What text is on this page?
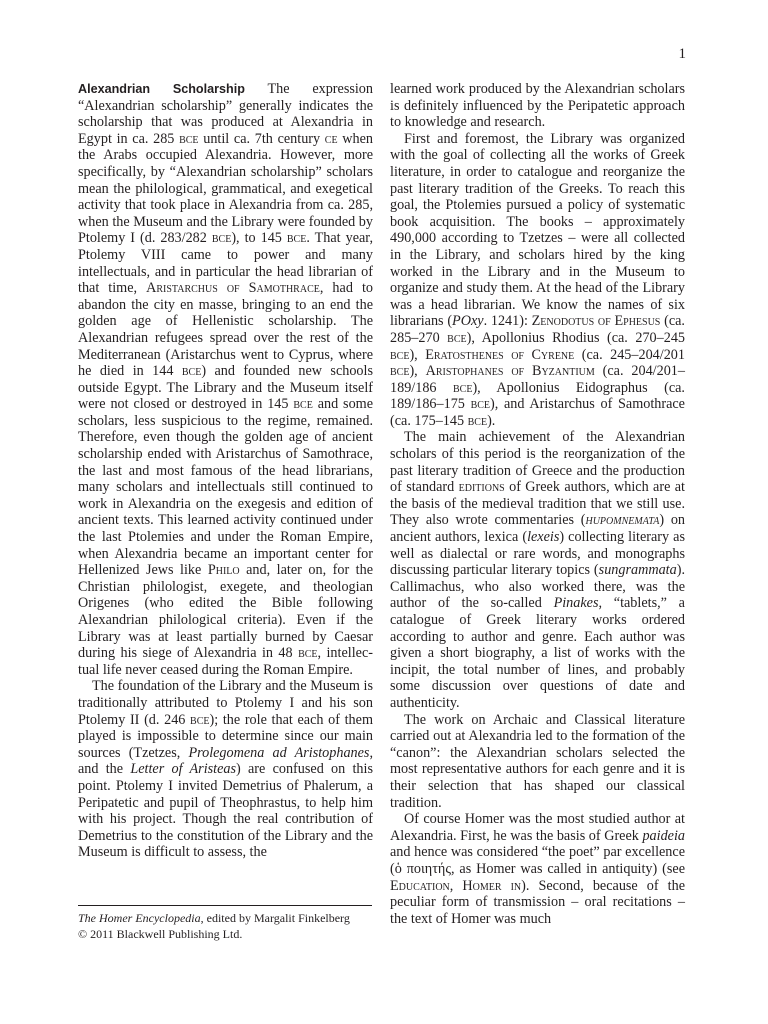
1

Alexandrian Scholarship The expression “Alexandrian scholarship” generally indicates the scholarship that was produced at Alexandria in Egypt in ca. 285 bce until ca. 7th century ce when the Arabs occupied Alexandria. However, more specifically, by “Alexandrian scholarship” scholars mean the philological, grammatical, and exegetical activity that took place in Alexandria from ca. 285, when the Museum and the Library were founded by Ptolemy I (d. 283/282 bce), to 145 bce. That year, Ptolemy VIII came to power and many intellectuals, and in particular the head librarian of that time, Aristarchus of Samothrace, had to abandon the city en masse, bringing to an end the golden age of Hellenistic scholarship. The Alexandrian refugees spread over the rest of the Mediterranean (Aristarchus went to Cyprus, where he died in 144 bce) and founded new schools outside Egypt. The Library and the Museum itself were not closed or destroyed in 145 bce and some scholars, less suspicious to the regime, remained. Therefore, even though the golden age of ancient scholarship ended with Aristarchus of Samothrace, the last and most famous of the head librarians, many scholars and intellectuals still continued to work in Alexandria on the exegesis and edition of ancient texts. This learned activity continued under the last Ptolemies and under the Roman Empire, when Alexandria became an important center for Hellenized Jews like Philo and, later on, for the Christian philologist, exegete, and theologian Origenes (who edited the Bible following Alexandrian philological criteria). Even if the Library was at least partially burned by Caesar during his siege of Alexandria in 48 bce, intellectual life never ceased during the Roman Empire.

The foundation of the Library and the Museum is traditionally attributed to Ptolemy I and his son Ptolemy II (d. 246 bce); the role that each of them played is impossible to determine since our main sources (Tzetzes, Prolegomena ad Aristophanes, and the Letter of Aristeas) are confused on this point. Ptolemy I invited Demetrius of Phalerum, a Peripatetic and pupil of Theophrastus, to help him with his project. Though the real contribution of Demetrius to the constitution of the Library and the Museum is difficult to assess, the

learned work produced by the Alexandrian scholars is definitely influenced by the Peripatetic approach to knowledge and research.

First and foremost, the Library was organized with the goal of collecting all the works of Greek literature, in order to catalogue and reorganize the past literary tradition of the Greeks. To reach this goal, the Ptolemies pursued a policy of systematic book acquisition. The books – approximately 490,000 according to Tzetzes – were all collected in the Library, and scholars hired by the king worked in the Library and in the Museum to organize and study them. At the head of the Library was a head librarian. We know the names of six librarians (POxy. 1241): Zenodotus of Ephesus (ca. 285–270 bce), Apollonius Rhodius (ca. 270–245 bce), Eratosthenes of Cyrene (ca. 245–204/201 bce), Aristophanes of Byzantium (ca. 204/201–189/186 bce), Apollonius Eidographus (ca. 189/186–175 bce), and Aristarchus of Samothrace (ca. 175–145 bce).

The main achievement of the Alexandrian scholars of this period is the reorganization of the past literary tradition of Greece and the production of standard editions of Greek authors, which are at the basis of the medieval tradition that we still use. They also wrote commentaries (hupomnemata) on ancient authors, lexica (lexeis) collecting literary as well as dialectal or rare words, and monographs discussing particular literary topics (sungrammata). Callimachus, who also worked there, was the author of the so-called Pinakes, “tablets,” a catalogue of Greek literary works ordered according to author and genre. Each author was given a short biography, a list of works with the incipit, the total number of lines, and probably some discussion over questions of date and authenticity.

The work on Archaic and Classical literature carried out at Alexandria led to the formation of the “canon”: the Alexandrian scholars selected the most representative authors for each genre and it is their selection that has shaped our classical tradition.

Of course Homer was the most studied author at Alexandria. First, he was the basis of Greek paideia and hence was considered “the poet” par excellence (ὁ ποιητής, as Homer was called in antiquity) (see Education, Homer in). Second, because of the peculiar form of transmission – oral recitations – the text of Homer was much

The Homer Encyclopedia, edited by Margalit Finkelberg
© 2011 Blackwell Publishing Ltd.
